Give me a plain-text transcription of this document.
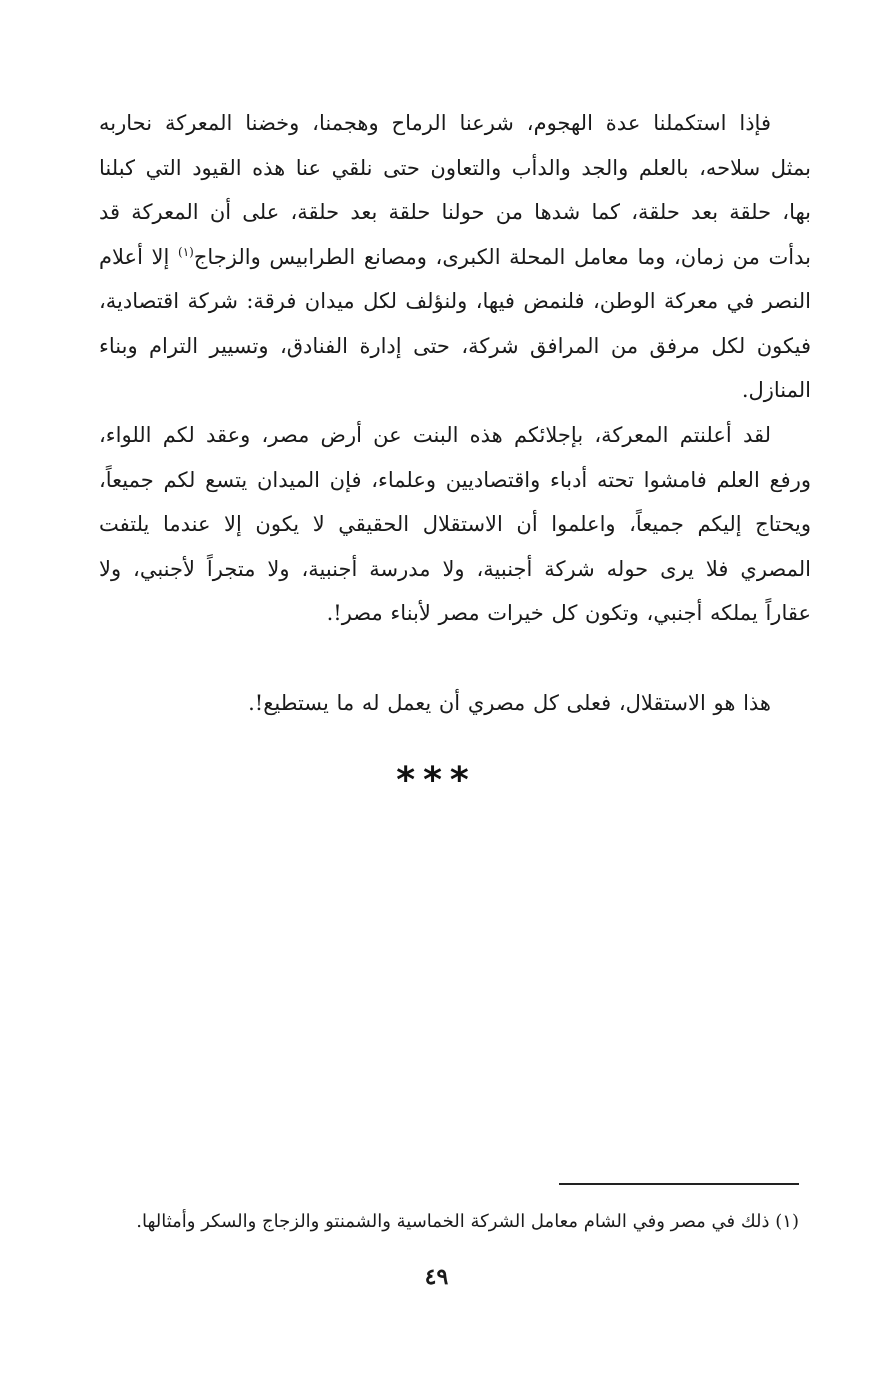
فإذا استكملنا عدة الهجوم، شرعنا الرماح وهجمنا، وخضنا المعركة نحاربه بمثل سلاحه، بالعلم والجد والدأب والتعاون حتى نلقي عنا هذه القيود التي كبلنا بها، حلقة بعد حلقة، كما شدها من حولنا حلقة بعد حلقة، على أن المعركة قد بدأت من زمان، وما معامل المحلة الكبرى، ومصانع الطرابيس والزجاج$^{(١)}$ إلا أعلام النصر في معركة الوطن، فلنمض فيها، ولنؤلف لكل ميدان فرقة: شركة اقتصادية، فيكون لكل مرفق من المرافق شركة، حتى إدارة الفنادق، وتسيير الترام وبناء المنازل.

لقد أعلنتم المعركة، بإجلائكم هذه البنت عن أرض مصر، وعقد لكم اللواء، ورفع العلم فامشوا تحته أدباء واقتصاديين وعلماء، فإن الميدان يتسع لكم جميعاً، ويحتاج إليكم جميعاً، واعلموا أن الاستقلال الحقيقي لا يكون إلا عندما يلتفت المصري فلا يرى حوله شركة أجنبية، ولا مدرسة أجنبية، ولا متجراً لأجنبي، ولا عقاراً يملكه أجنبي، وتكون كل خيرات مصر لأبناء مصر!.

هذا هو الاستقلال، فعلى كل مصري أن يعمل له ما يستطيع!.

***
(١) ذلك في مصر وفي الشام معامل الشركة الخماسية والشمنتو والزجاج والسكر وأمثالها.
٤٩
